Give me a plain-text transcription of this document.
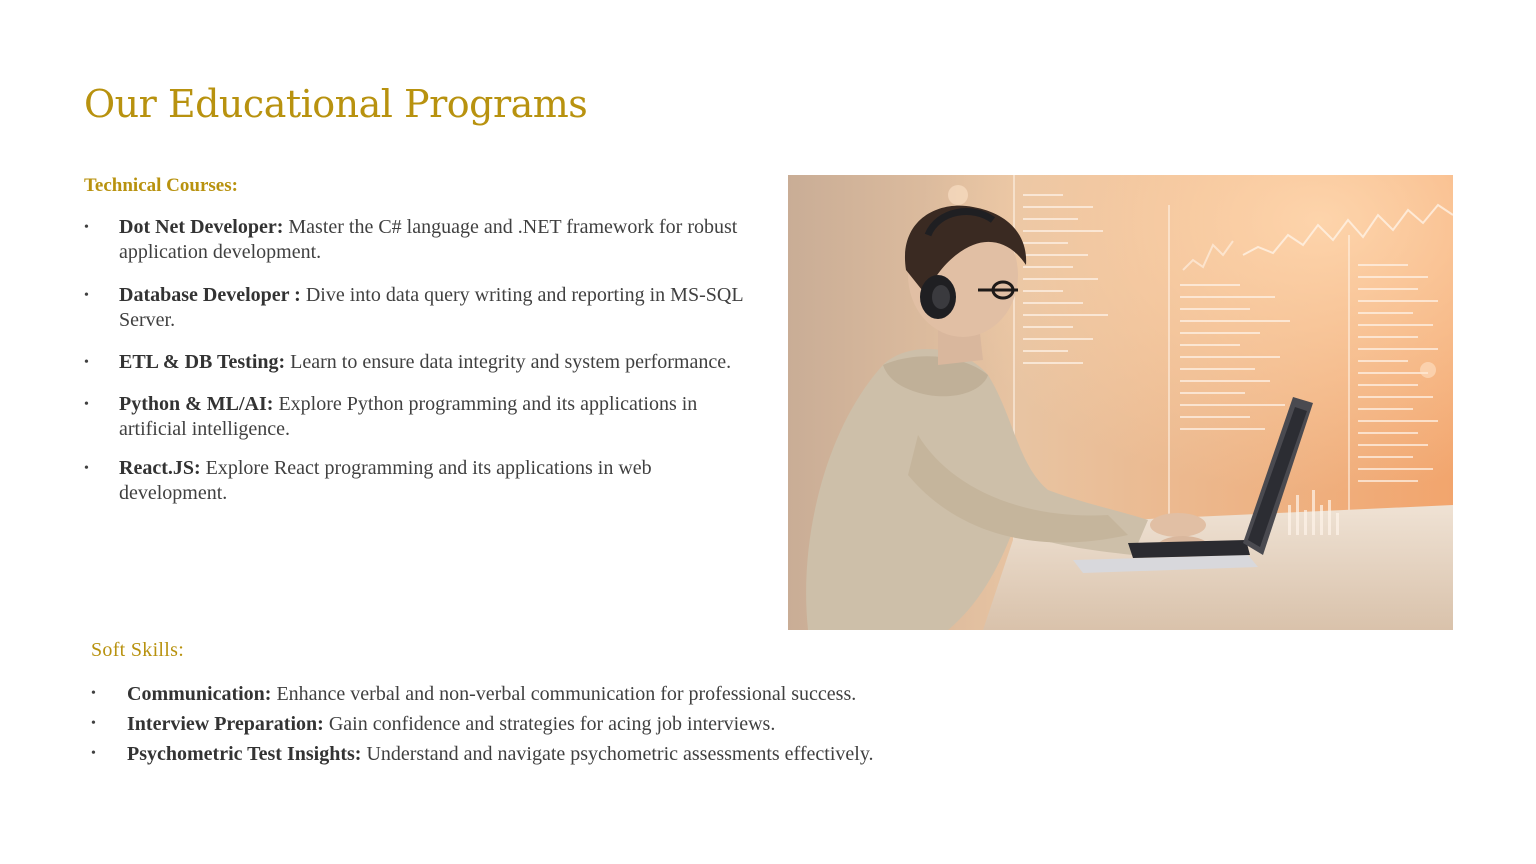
Our Educational Programs
Technical Courses:
• Dot Net Developer: Master the C# language and .NET framework for robust application development.
• Database Developer : Dive into data query writing and reporting in MS-SQL Server.
• ETL & DB Testing: Learn to ensure data integrity and system performance.
• Python & ML/AI: Explore Python programming and its applications in artificial intelligence.
• React.JS: Explore React programming and its applications in web development.
Soft Skills:
• Communication: Enhance verbal and non-verbal communication for professional success.
• Interview Preparation: Gain confidence and strategies for acing job interviews.
• Psychometric Test Insights: Understand and navigate psychometric assessments effectively.
